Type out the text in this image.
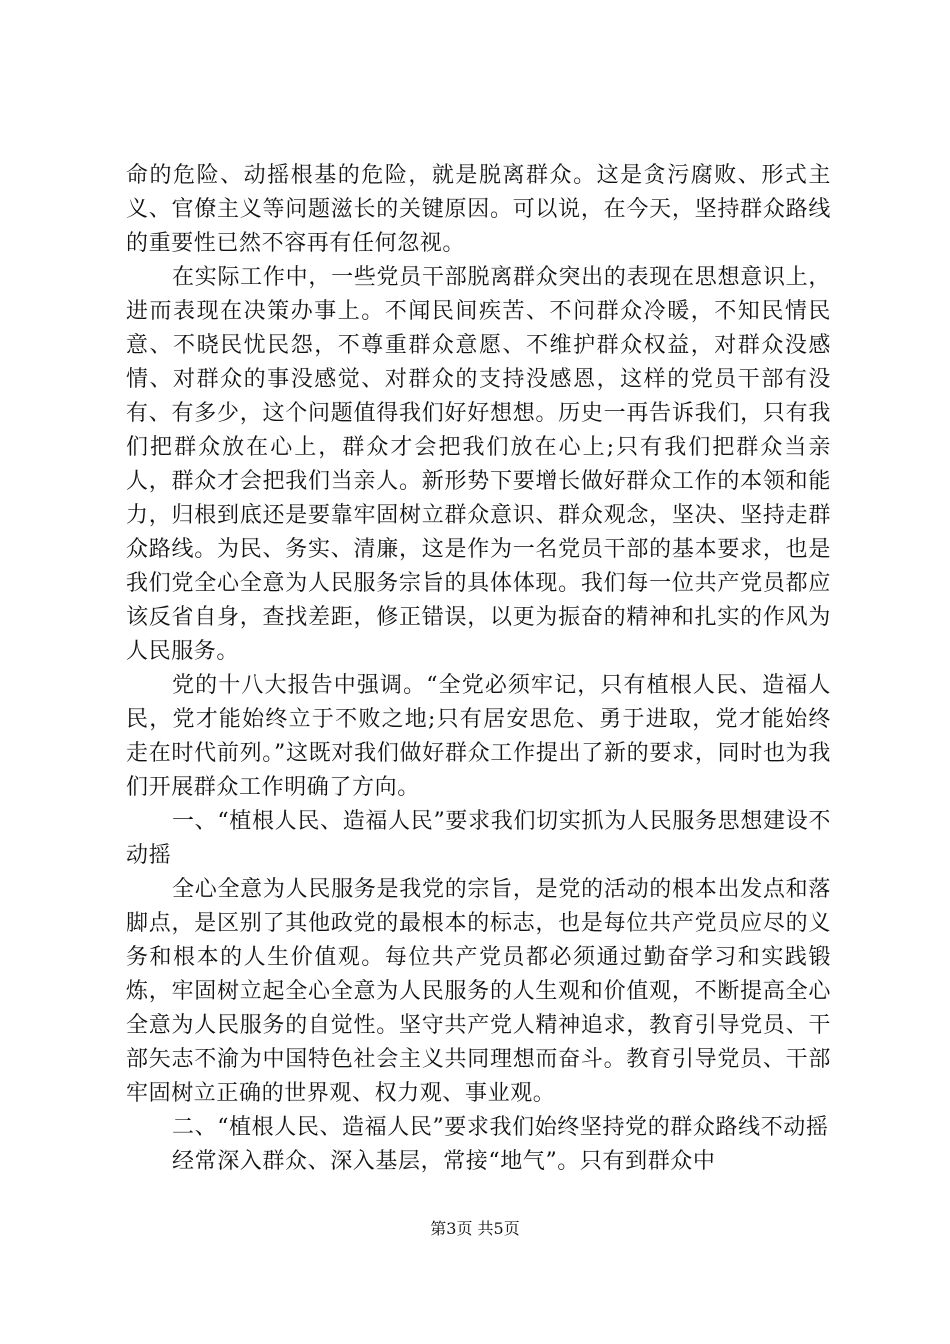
命的危险、动摇根基的危险，就是脱离群众。这是贪污腐败、形式主义、官僚主义等问题滋长的关键原因。可以说，在今天，坚持群众路线的重要性已然不容再有任何忽视。

在实际工作中，一些党员干部脱离群众突出的表现在思想意识上，进而表现在决策办事上。不闻民间疾苦、不问群众冷暖，不知民情民意、不晓民忧民怨，不尊重群众意愿、不维护群众权益，对群众没感情、对群众的事没感觉、对群众的支持没感恩，这样的党员干部有没有、有多少，这个问题值得我们好好想想。历史一再告诉我们，只有我们把群众放在心上，群众才会把我们放在心上;只有我们把群众当亲人，群众才会把我们当亲人。新形势下要增长做好群众工作的本领和能力，归根到底还是要靠牢固树立群众意识、群众观念，坚决、坚持走群众路线。为民、务实、清廉，这是作为一名党员干部的基本要求，也是我们党全心全意为人民服务宗旨的具体体现。我们每一位共产党员都应该反省自身，查找差距，修正错误，以更为振奋的精神和扎实的作风为人民服务。

党的十八大报告中强调。“全党必须牢记，只有植根人民、造福人民，党才能始终立于不败之地;只有居安思危、勇于进取，党才能始终走在时代前列。”这既对我们做好群众工作提出了新的要求，同时也为我们开展群众工作明确了方向。

一、“植根人民、造福人民”要求我们切实抓为人民服务思想建设不动摇

全心全意为人民服务是我党的宗旨，是党的活动的根本出发点和落脚点，是区别了其他政党的最根本的标志，也是每位共产党员应尽的义务和根本的人生价值观。每位共产党员都必须通过勤奋学习和实践锻炼，牢固树立起全心全意为人民服务的人生观和价值观，不断提高全心全意为人民服务的自觉性。坚守共产党人精神追求，教育引导党员、干部矢志不渝为中国特色社会主义共同理想而奋斗。教育引导党员、干部牢固树立正确的世界观、权力观、事业观。

二、“植根人民、造福人民”要求我们始终坚持党的群众路线不动摇

经常深入群众、深入基层，常接“地气”。只有到群众中

第3页 共5页
